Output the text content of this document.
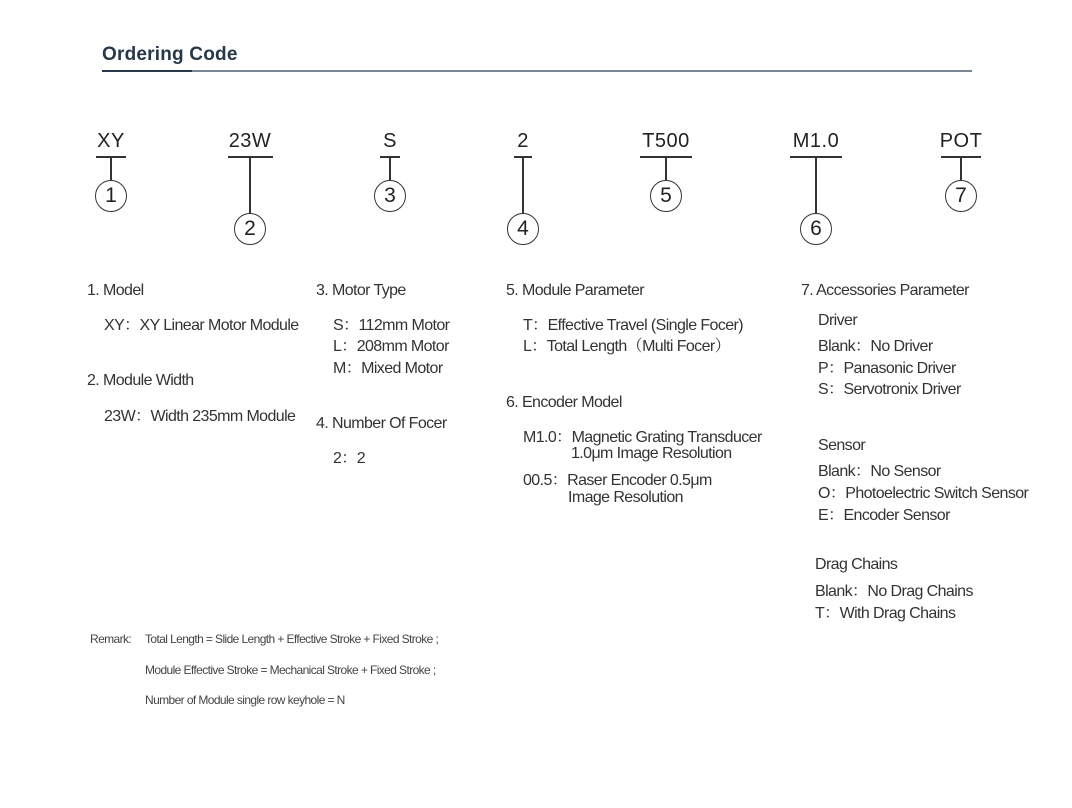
Ordering Code
XY
1
23W
2
S
3
2
4
T500
5
M1.0
6
POT
7
1. Model
XY：XY Linear Motor Module
2. Module Width
23W：Width 235mm Module
3. Motor Type
S：112mm Motor
L：208mm Motor
M：Mixed Motor
4. Number Of Focer
2：2
5. Module Parameter
T：Effective Travel (Single Focer)
L：Total Length（Multi Focer）
6. Encoder Model
M1.0：Magnetic Grating Transducer
1.0μm Image Resolution
00.5：Raser Encoder 0.5μm
Image Resolution
7. Accessories Parameter
Driver
Blank：No Driver
P：Panasonic Driver
S：Servotronix Driver
Sensor
Blank：No Sensor
O：Photoelectric Switch Sensor
E：Encoder Sensor
Drag Chains
Blank：No Drag Chains
T：With Drag Chains
Remark: Total Length = Slide Length + Effective Stroke + Fixed Stroke ;
Module Effective Stroke = Mechanical Stroke + Fixed Stroke ;
Number of Module single row keyhole = N
